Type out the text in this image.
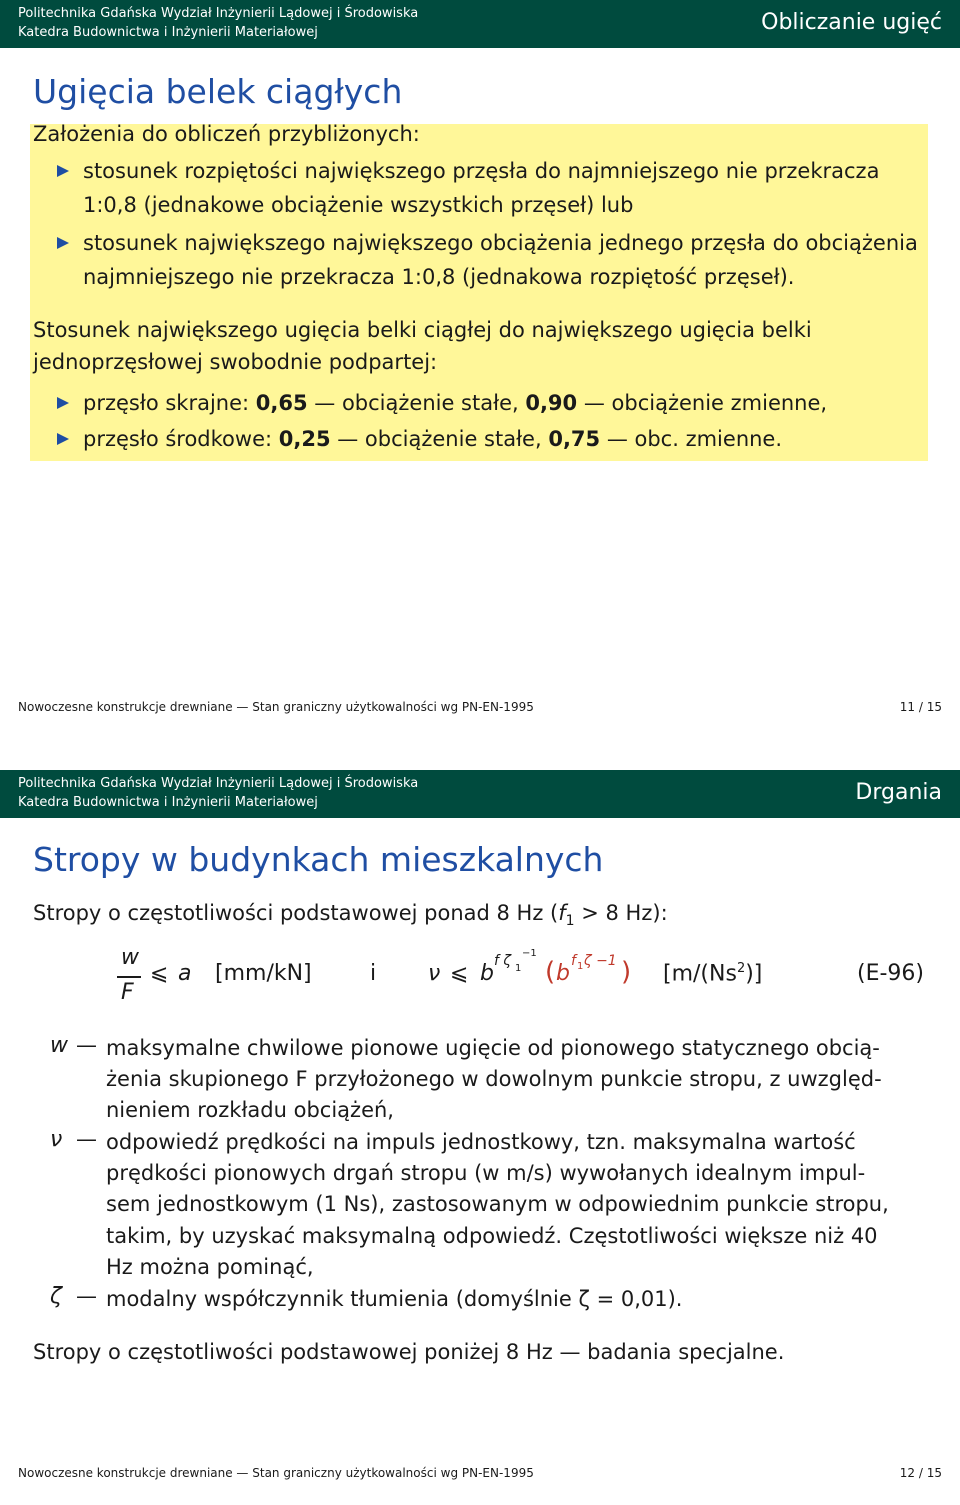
Politechnika Gdańska Wydział Inżynierii Lądowej i Środowiska
Katedra Budownictwa i Inżynierii Materiałowej	Obliczanie ugięć
Ugięcia belek ciągłych
Założenia do obliczeń przybliżonych:
stosunek rozpiętości największego przęsła do najmniejszego nie przekracza
1:0,8 (jednakowe obciążenie wszystkich przęseł) lub
stosunek największego największego obciążenia jednego przęsła do obciążenia
najmniejszego nie przekracza 1:0,8 (jednakowa rozpiętość przęseł).
Stosunek największego ugięcia belki ciągłej do największego ugięcia belki
jednoprzęsłowej swobodnie podpartej:
przęsło skrajne: 0,65 — obciążenie stałe, 0,90 — obciążenie zmienne,
przęsło środkowe: 0,25 — obciążenie stałe, 0,75 — obc. zmienne.
Nowoczesne konstrukcje drewniane — Stan graniczny użytkowalności wg PN-EN-1995	11 / 15
Politechnika Gdańska Wydział Inżynierii Lądowej i Środowiska
Katedra Budownictwa i Inżynierii Materiałowej	Drgania
Stropy w budynkach mieszkalnych
Stropy o częstotliwości podstawowej ponad 8 Hz ($f_1 > 8$ Hz):
w
F
⩽ a [mm/kN]	i ν ⩽ b f ζ 1
−1
( b f 1 ζ −1 ) [m/(Ns$^2$)]	(E-96)
w — maksymalne chwilowe pionowe ugięcie od pionowego statycznego obcią-
żenia skupionego F przyłożonego w dowolnym punkcie stropu, z uwzględ-
nieniem rozkładu obciążeń,
ν — odpowiedź prędkości na impuls jednostkowy, tzn. maksymalna wartość
prędkości pionowych drgań stropu (w m/s) wywołanych idealnym impul-
sem jednostkowym (1 Ns), zastosowanym w odpowiednim punkcie stropu,
takim, by uzyskać maksymalną odpowiedź. Częstotliwości większe niż 40
Hz można pominąć,
ζ — modalny współczynnik tłumienia (domyślnie ζ = 0,01).
Stropy o częstotliwości podstawowej poniżej 8 Hz — badania specjalne.
Nowoczesne konstrukcje drewniane — Stan graniczny użytkowalności wg PN-EN-1995	12 / 15
